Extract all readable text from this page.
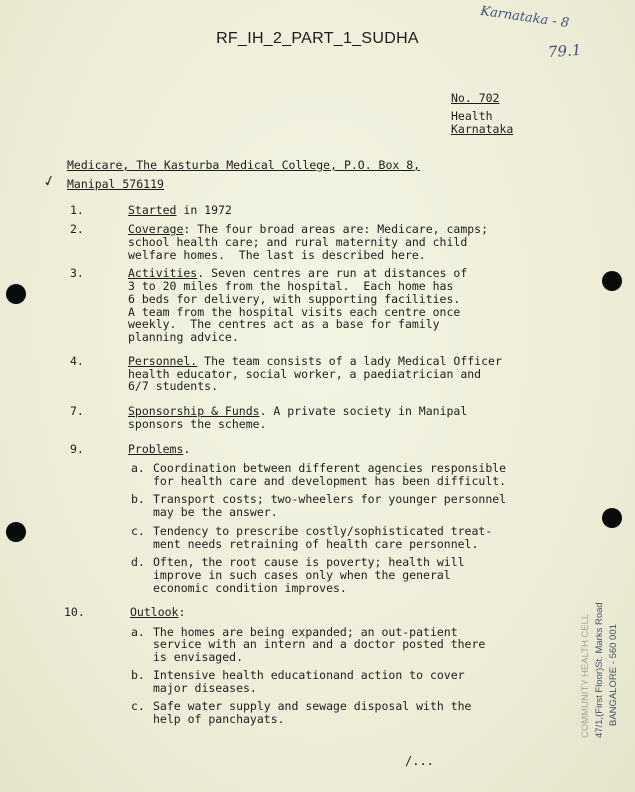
RF_IH_2_PART_1_SUDHA
Karnataka - 8
79.1
No. 702
Health
Karnataka
Medicare, The Kasturba Medical College, P.O. Box 8,
✓ Manipal 576119
1.	Started in 1972
2.	Coverage: The four broad areas are: Medicare, camps;
school health care; and rural maternity and child
welfare homes.  The last is described here.
3.	Activities. Seven centres are run at distances of
3 to 20 miles from the hospital.  Each home has
6 beds for delivery, with supporting facilities.
A team from the hospital visits each centre once
weekly.  The centres act as a base for family
planning advice.
4.	Personnel. The team consists of a lady Medical Officer
health educator, social worker, a paediatrician and
6/7 students.
7.	Sponsorship & Funds. A private society in Manipal
sponsors the scheme.
9.	Problems.
a. Coordination between different agencies responsible
for health care and development has been difficult.
b. Transport costs; two-wheelers for younger personnel
may be the answer.
c. Tendency to prescribe costly/sophisticated treat-
ment needs retraining of health care personnel.
d. Often, the root cause is poverty; health will
improve in such cases only when the general
economic condition improves.
10.	Outlook:
a. The homes are being expanded; an out-patient
service with an intern and a doctor posted there
is envisaged.
b. Intensive health educationand action to cover
major diseases.
c. Safe water supply and sewage disposal with the
help of panchayats.	COMMUNITY HEALTH CELL 47/1,(First Floor)St. Marks Road BANGALORE - 560 001
/...
